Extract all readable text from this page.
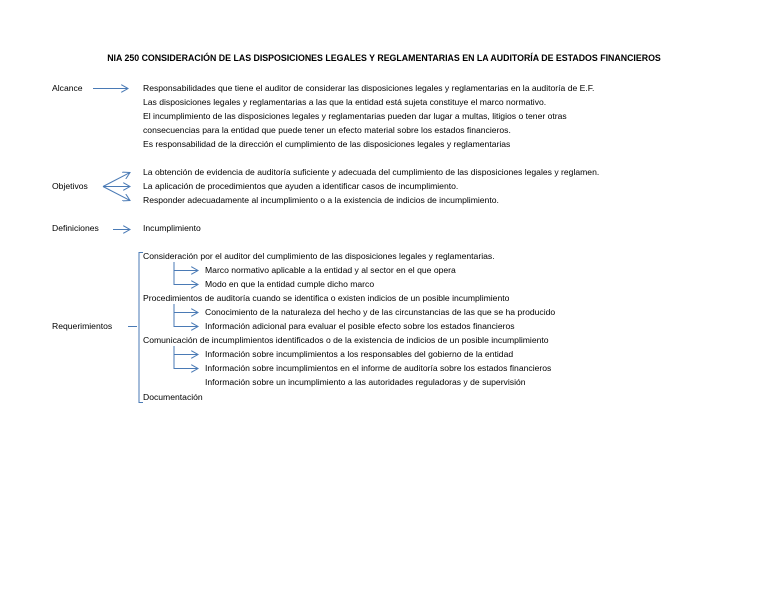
NIA 250 CONSIDERACIÓN DE LAS DISPOSICIONES LEGALES Y REGLAMENTARIAS EN LA AUDITORÍA DE ESTADOS FINANCIEROS
Alcance	Responsabilidades que tiene el auditor de considerar las disposiciones legales y reglamentarias en la auditoría de E.F.
Las disposiciones legales y reglamentarias a las que la entidad está sujeta constituye el marco normativo.
El incumplimiento de las disposiciones legales y reglamentarias pueden dar lugar a multas, litigios o tener otras
consecuencias para la entidad que puede tener un efecto material sobre los estados financieros.
Es responsabilidad de la dirección el cumplimiento de las disposiciones legales y reglamentarias
Objetivos
La obtención de evidencia de auditoría suficiente y adecuada del cumplimiento de las disposiciones legales y reglamen.
La aplicación de procedimientos que ayuden a identificar casos de incumplimiento.
Responder adecuadamente al incumplimiento o a la existencia de indicios de incumplimiento.
Definiciones	Incumplimiento
Requerimientos
Consideración por el auditor del cumplimiento de las disposiciones legales y reglamentarias.
Marco normativo aplicable a la entidad y al sector en el que opera
Modo en que la entidad cumple dicho marco
Procedimientos de auditoría cuando se identifica o existen indicios de un posible incumplimiento
Conocimiento de la naturaleza del hecho y de las circunstancias de las que se ha producido
Información adicional para evaluar el posible efecto sobre los estados financieros
Comunicación de incumplimientos identificados o de la existencia de indicios de un posible incumplimiento
Información sobre incumplimientos a los responsables del gobierno de la entidad
Información sobre incumplimientos en el informe de auditoría sobre los estados financieros
Información sobre un incumplimiento a las autoridades reguladoras y de supervisión
Documentación
